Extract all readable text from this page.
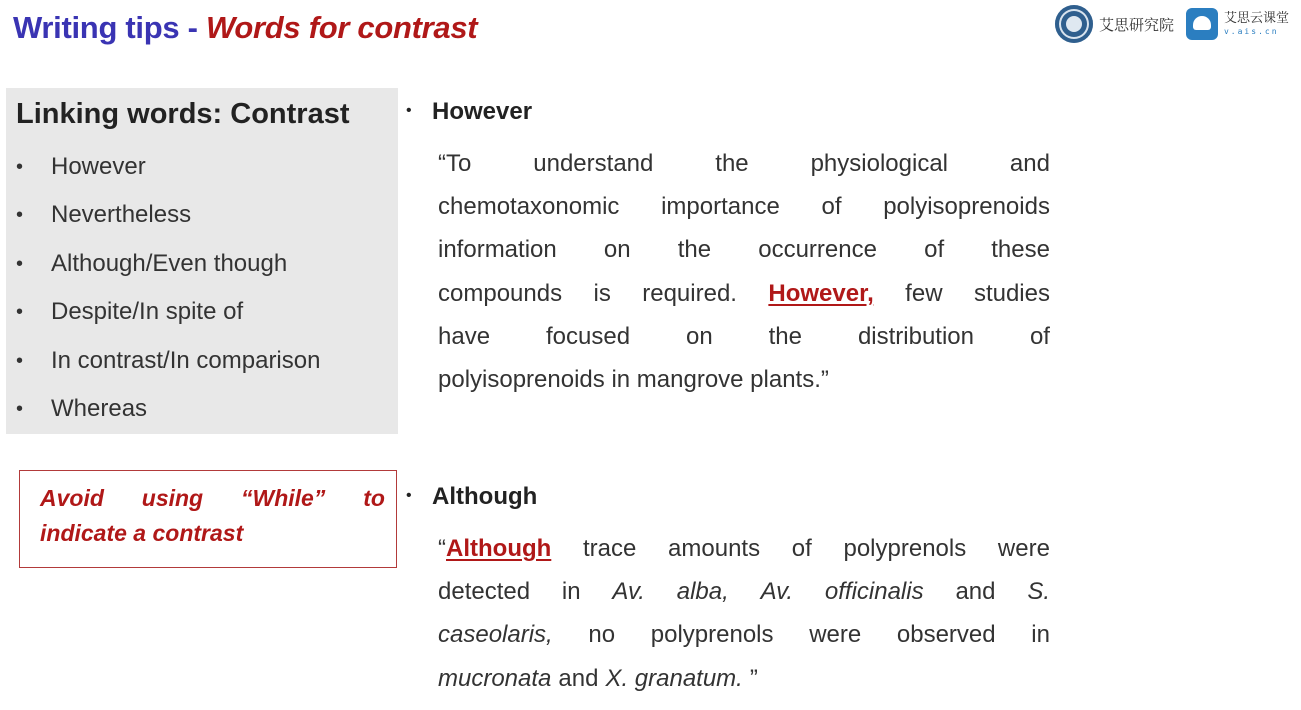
Writing tips - Words for contrast	艾思研究院	艾思云课堂
v.ais.cn
Linking words: Contrast
• However
• Nevertheless
• Although/Even though
• Despite/In spite of
• In contrast/In comparison
• Whereas
Avoid using “While” to
indicate a contrast
• However
“To	understand	the	physiological	and
chemotaxonomic importance of polyisoprenoids
information on the occurrence of these
compounds is required. However, few studies
have focused on the distribution of
polyisoprenoids in mangrove plants.”
• Although
“Although trace amounts of polyprenols were
detected in Av. alba, Av. officinalis and S.
caseolaris, no polyprenols were observed in
mucronata and X. granatum. ”
